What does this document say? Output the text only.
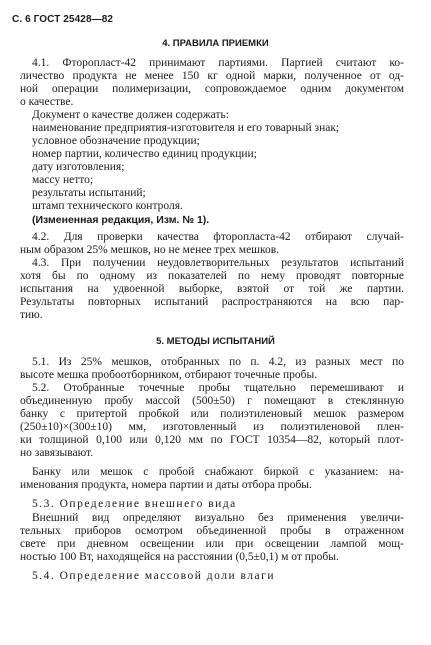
С. 6 ГОСТ 25428—82
4. ПРАВИЛА ПРИЕМКИ
4.1. Фторопласт-42 принимают партиями. Партией считают ко-
личество продукта не менее 150 кг одной марки, полученное от од-
ной операции полимеризации, сопровождаемое одним документом
о качестве.
Документ о качестве должен содержать:
наименование предприятия-изготовителя и его товарный знак;
условное обозначение продукции;
номер партии, количество единиц продукции;
дату изготовления;
массу нетто;
результаты испытаний;
штамп технического контроля.
(Измененная редакция, Изм. № 1).
4.2. Для проверки качества фторопласта-42 отбирают случай-
ным образом 25% мешков, но не менее трех мешков.
4.3. При получении неудовлетворительных результатов испытаний
хотя бы по одному из показателей по нему проводят повторные
испытания на удвоенной выборке, взятой от той же партии.
Результаты повторных испытаний распространяются на всю пар-
тию.
5. МЕТОДЫ ИСПЫТАНИЙ
5.1. Из 25% мешков, отобранных по п. 4.2, из разных мест по
высоте мешка пробоотборником, отбирают точечные пробы.
5.2. Отобранные точечные пробы тщательно перемешивают и
объединенную пробу массой (500±50) г помещают в стеклянную
банку с притертой пробкой или полиэтиленовый мешок размером
(250±10)×(300±10) мм, изготовленный из полиэтиленовой плен-
ки толщиной 0,100 или 0,120 мм по ГОСТ 10354—82, который плот-
но завязывают.
Банку или мешок с пробой снабжают биркой с указанием: на-
именования продукта, номера партии и даты отбора пробы.
5.3. Определение внешнего вида
Внешний вид определяют визуально без применения увеличи-
тельных приборов осмотром объединенной пробы в отраженном
свете при дневном освещении или при освещении лампой мощ-
ностью 100 Вт, находящейся на расстоянии (0,5±0,1) м от пробы.
5.4. Определение массовой доли влаги
